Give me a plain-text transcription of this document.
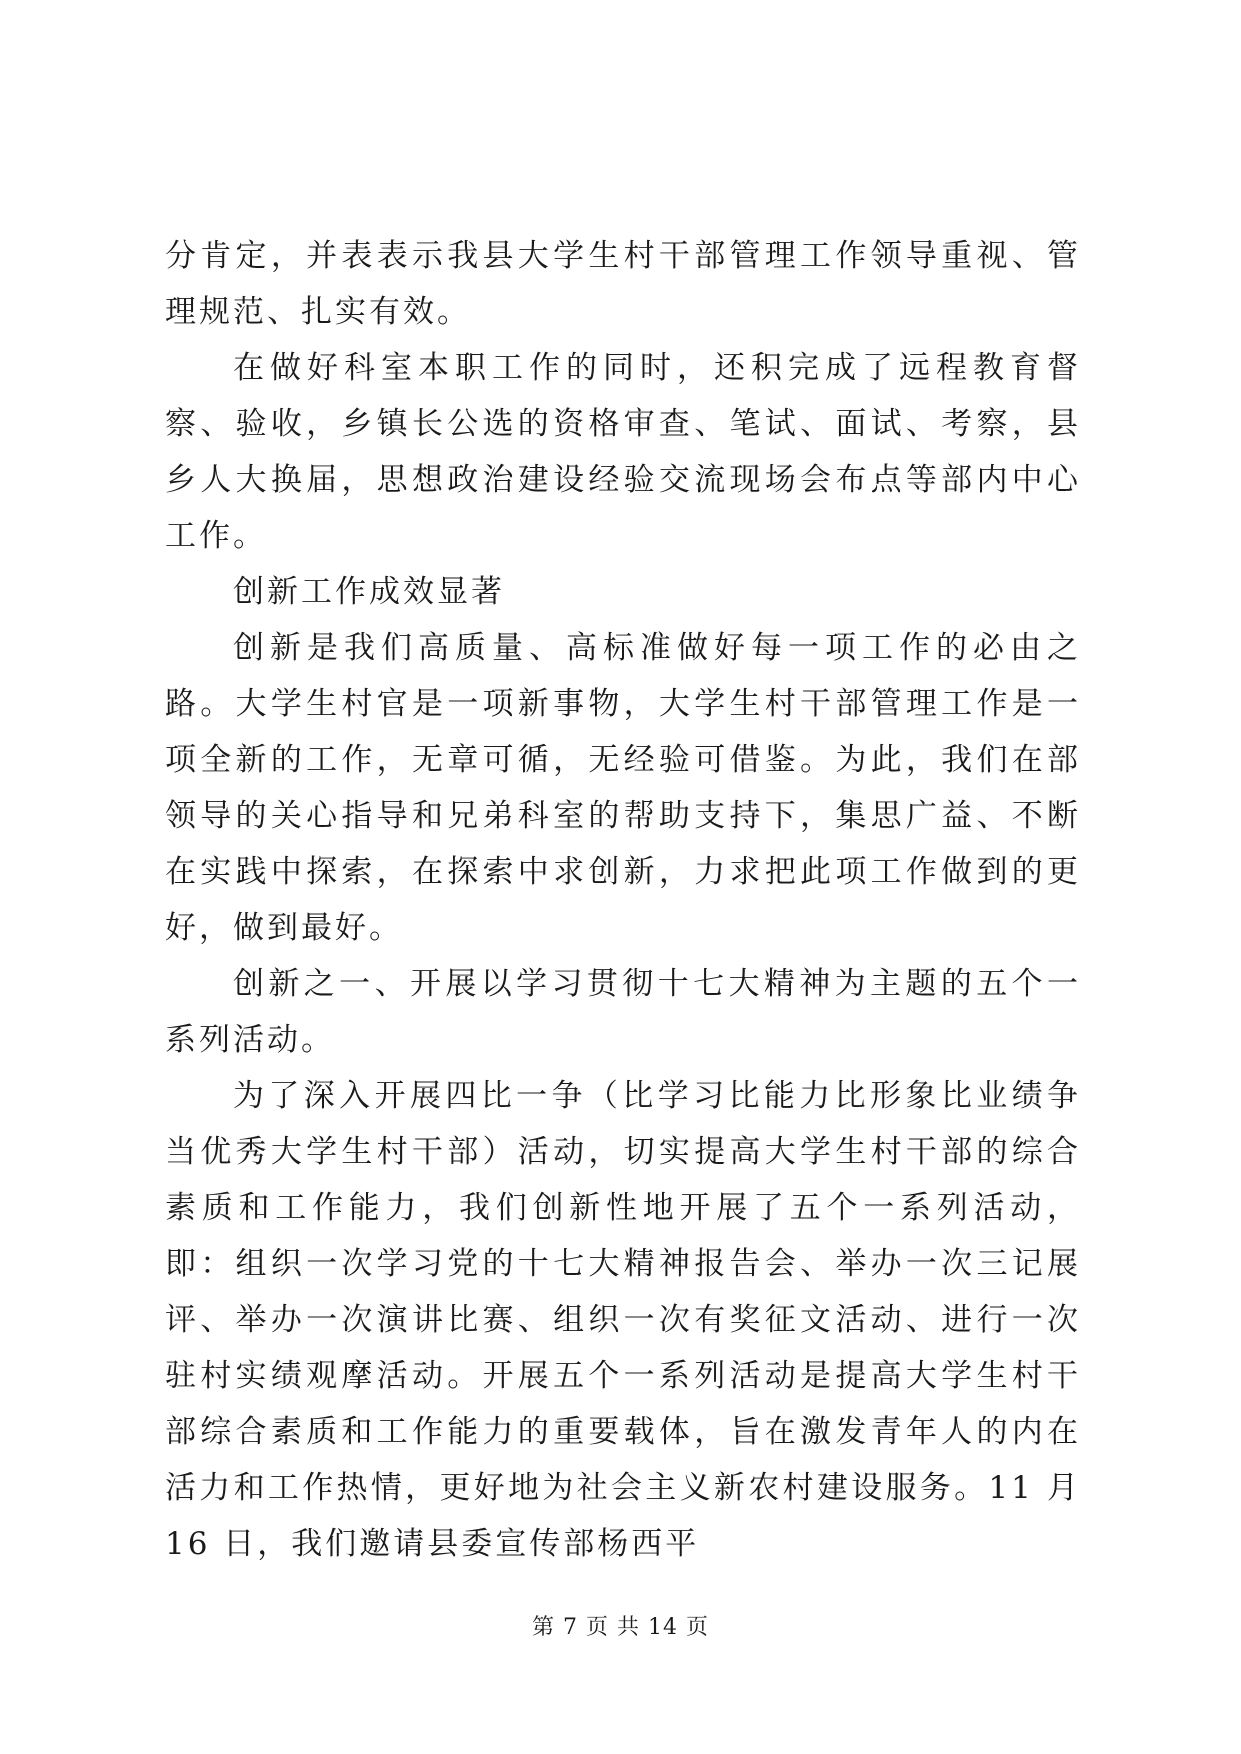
分肯定，并表表示我县大学生村干部管理工作领导重视、管理规范、扎实有效。

在做好科室本职工作的同时，还积完成了远程教育督察、验收，乡镇长公选的资格审查、笔试、面试、考察，县乡人大换届，思想政治建设经验交流现场会布点等部内中心工作。

创新工作成效显著

创新是我们高质量、高标准做好每一项工作的必由之路。大学生村官是一项新事物，大学生村干部管理工作是一项全新的工作，无章可循，无经验可借鉴。为此，我们在部领导的关心指导和兄弟科室的帮助支持下，集思广益、不断在实践中探索，在探索中求创新，力求把此项工作做到的更好，做到最好。

创新之一、开展以学习贯彻十七大精神为主题的五个一系列活动。

为了深入开展四比一争（比学习比能力比形象比业绩争当优秀大学生村干部）活动，切实提高大学生村干部的综合素质和工作能力，我们创新性地开展了五个一系列活动，即：组织一次学习党的十七大精神报告会、举办一次三记展评、举办一次演讲比赛、组织一次有奖征文活动、进行一次驻村实绩观摩活动。开展五个一系列活动是提高大学生村干部综合素质和工作能力的重要载体，旨在激发青年人的内在活力和工作热情，更好地为社会主义新农村建设服务。11 月 16 日，我们邀请县委宣传部杨西平

第 7 页 共 14 页
